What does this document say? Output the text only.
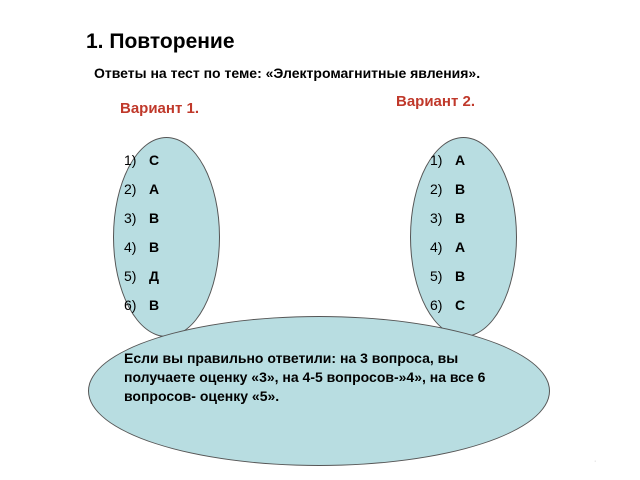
1. Повторение
Ответы на тест по теме: «Электромагнитные явления».
Вариант 1.	Вариант 2.
1) С
2) А
3) В
4) В
5) Д
6) В
1) А
2) В
3) В
4) А
5) В
6) С
Если вы правильно ответили: на 3 вопроса, вы получаете оценку «3», на 4-5 вопросов-»4», на все 6 вопросов- оценку «5».
·
